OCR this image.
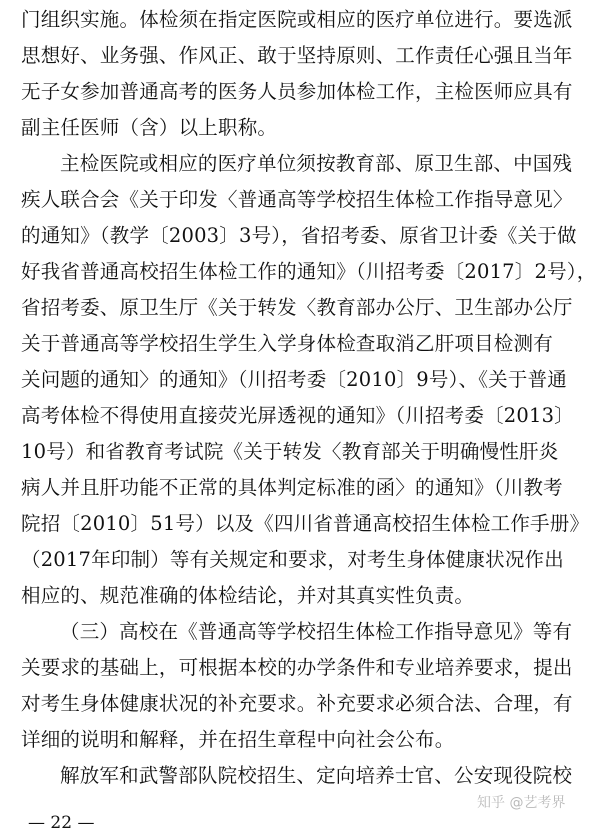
门组织实施。体检须在指定医院或相应的医疗单位进行。要选派
思想好、业务强、作风正、敢于坚持原则、工作责任心强且当年
无子女参加普通高考的医务人员参加体检工作，主检医师应具有
副主任医师（含）以上职称。
主检医院或相应的医疗单位须按教育部、原卫生部、中国残
疾人联合会《关于印发〈普通高等学校招生体检工作指导意见〉
的通知》（教学〔2003〕3号），省招考委、原省卫计委《关于做
好我省普通高校招生体检工作的通知》（川招考委〔2017〕2号），
省招考委、原卫生厅《关于转发〈教育部办公厅、卫生部办公厅
关于普通高等学校招生学生入学身体检查取消乙肝项目检测有
关问题的通知〉的通知》（川招考委〔2010〕9号）、《关于普通
高考体检不得使用直接荧光屏透视的通知》（川招考委〔2013〕
10号）和省教育考试院《关于转发〈教育部关于明确慢性肝炎
病人并且肝功能不正常的具体判定标准的函〉的通知》（川教考
院招〔2010〕51号）以及《四川省普通高校招生体检工作手册》
（2017年印制）等有关规定和要求，对考生身体健康状况作出
相应的、规范准确的体检结论，并对其真实性负责。
（三）高校在《普通高等学校招生体检工作指导意见》等有
关要求的基础上，可根据本校的办学条件和专业培养要求，提出
对考生身体健康状况的补充要求。补充要求必须合法、合理，有
详细的说明和解释，并在招生章程中向社会公布。
解放军和武警部队院校招生、定向培养士官、公安现役院校
知乎 @艺考界
— 22 —
